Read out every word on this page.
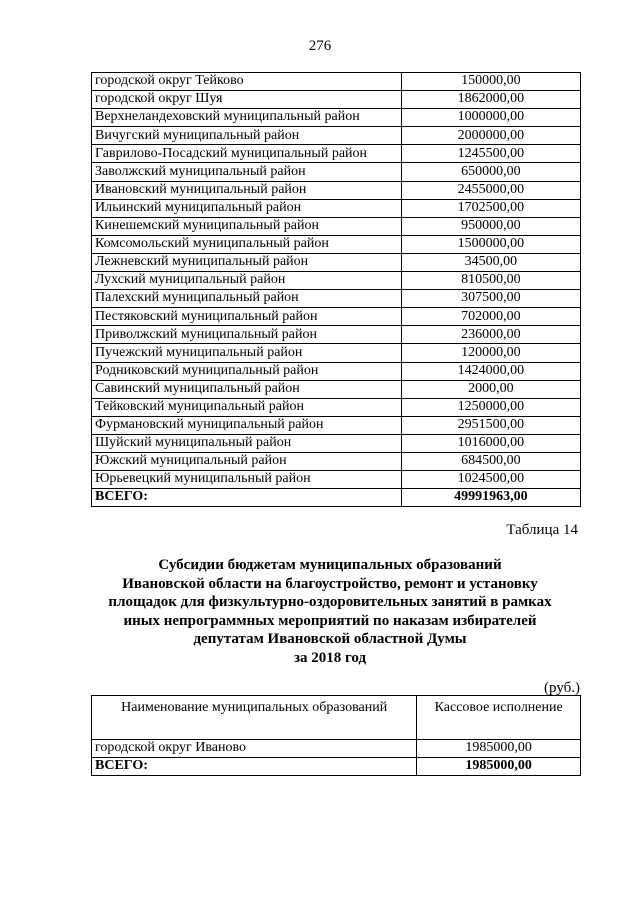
276
городской округ Тейково	150000,00
городской округ Шуя	1862000,00
Верхнеландеховский муниципальный район	1000000,00
Вичугский муниципальный район	2000000,00
Гаврилово-Посадский муниципальный район	1245500,00
Заволжский муниципальный район	650000,00
Ивановский муниципальный район	2455000,00
Ильинский муниципальный район	1702500,00
Кинешемский муниципальный район	950000,00
Комсомольский муниципальный район	1500000,00
Лежневский муниципальный район	34500,00
Лухский муниципальный район	810500,00
Палехский муниципальный район	307500,00
Пестяковский муниципальный район	702000,00
Приволжский муниципальный район	236000,00
Пучежский муниципальный район	120000,00
Родниковский муниципальный район	1424000,00
Савинский муниципальный район	2000,00
Тейковский муниципальный район	1250000,00
Фурмановский муниципальный район	2951500,00
Шуйский муниципальный район	1016000,00
Южский муниципальный район	684500,00
Юрьевецкий муниципальный район	1024500,00
ВСЕГО:	49991963,00
Таблица 14
Субсидии бюджетам муниципальных образований
Ивановской области на благоустройство, ремонт и установку
площадок для физкультурно-оздоровительных занятий в рамках
иных непрограммных мероприятий по наказам избирателей
депутатам Ивановской областной Думы
за 2018 год
(руб.)
Наименование муниципальных образований	Кассовое исполнение
городской округ Иваново	1985000,00
ВСЕГО:	1985000,00
